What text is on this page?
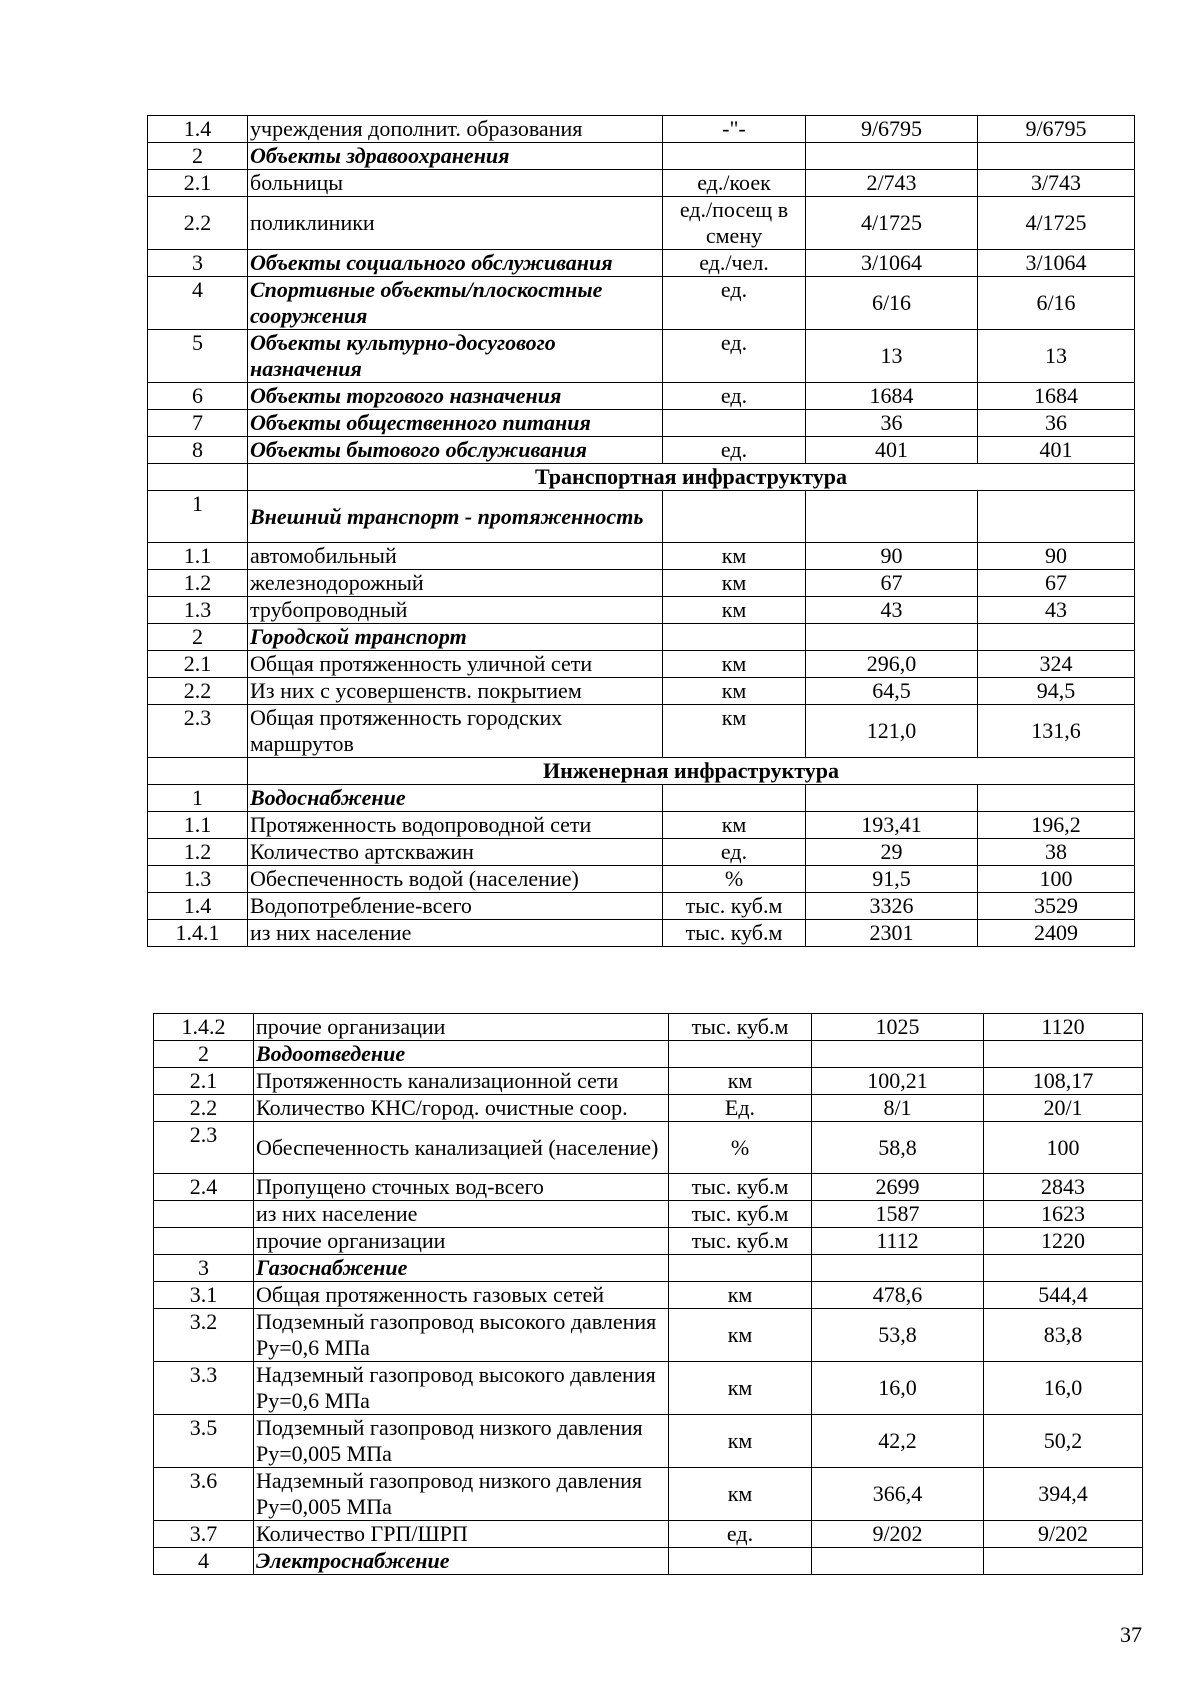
1.4	учреждения дополнит. образования	-"-	9/6795	9/6795
2	Объекты здравоохранения			
2.1	больницы	ед./коек	2/743	3/743
2.2	поликлиники	ед./посещ в смену	4/1725	4/1725
3	Объекты социального обслуживания	ед./чел.	3/1064	3/1064
4	Спортивные объекты/плоскостные сооружения	ед.	6/16	6/16
5	Объекты культурно-досугового назначения	ед.	13	13
6	Объекты торгового назначения	ед.	1684	1684
7	Объекты общественного питания		36	36
8	Объекты бытового обслуживания	ед.	401	401
	Транспортная инфраструктура			
1	Внешний транспорт - протяженность			
1.1	автомобильный	км	90	90
1.2	железнодорожный	км	67	67
1.3	трубопроводный	км	43	43
2	Городской транспорт			
2.1	Общая протяженность уличной сети	км	296,0	324
2.2	Из них с усовершенств. покрытием	км	64,5	94,5
2.3	Общая протяженность городских маршрутов	км	121,0	131,6
	Инженерная инфраструктура			
1	Водоснабжение			
1.1	Протяженность водопроводной сети	км	193,41	196,2
1.2	Количество артскважин	ед.	29	38
1.3	Обеспеченность водой (население)	%	91,5	100
1.4	Водопотребление-всего	тыс. куб.м	3326	3529
1.4.1	из них население	тыс. куб.м	2301	2409
1.4.2	прочие организации	тыс. куб.м	1025	1120
2	Водоотведение			
2.1	Протяженность канализационной сети	км	100,21	108,17
2.2	Количество КНС/город. очистные соор.	Ед.	8/1	20/1
2.3	Обеспеченность канализацией (население)	%	58,8	100
2.4	Пропущено сточных вод-всего	тыс. куб.м	2699	2843
	из них население	тыс. куб.м	1587	1623
	прочие организации	тыс. куб.м	1112	1220
3	Газоснабжение			
3.1	Общая протяженность газовых сетей	км	478,6	544,4
3.2	Подземный газопровод высокого давления Ру=0,6 МПа	км	53,8	83,8
3.3	Надземный газопровод высокого давления Ру=0,6 МПа	км	16,0	16,0
3.5	Подземный газопровод низкого давления Ру=0,005 МПа	км	42,2	50,2
3.6	Надземный газопровод низкого давления Ру=0,005 МПа	км	366,4	394,4
3.7	Количество ГРП/ШРП	ед.	9/202	9/202
4	Электроснабжение			
37
